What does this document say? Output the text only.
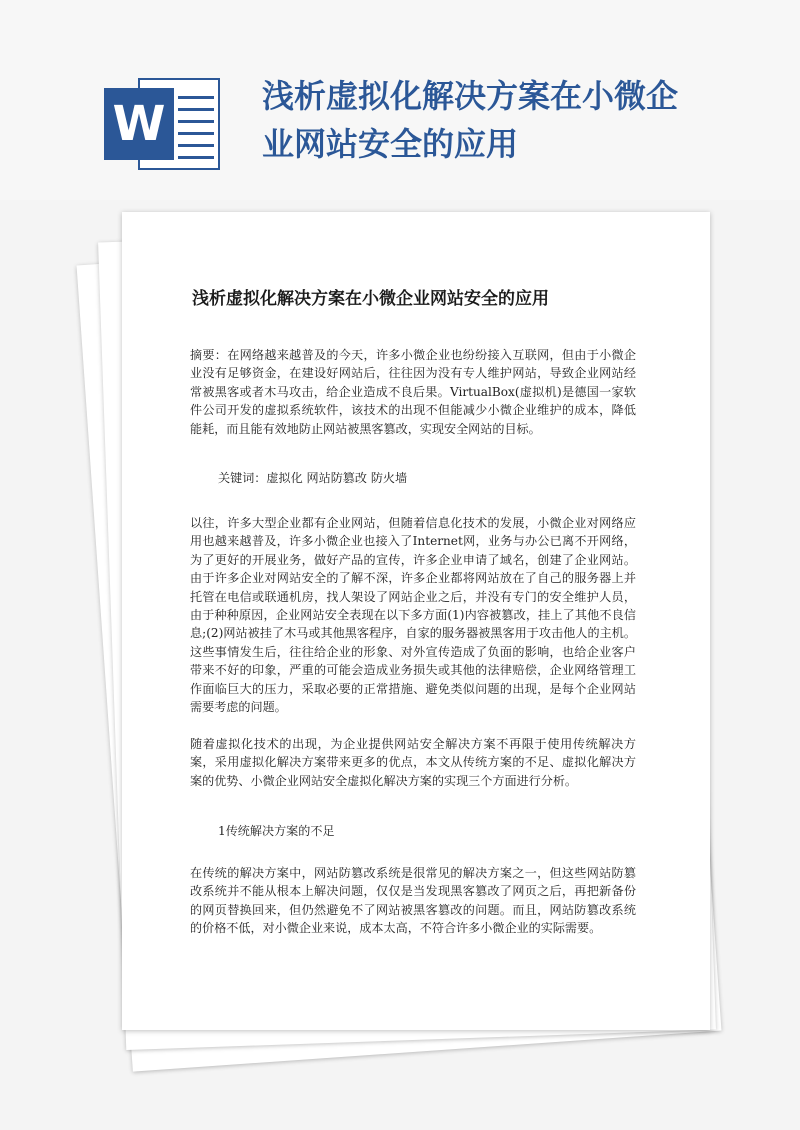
W	浅析虚拟化解决方案在小微企业网站安全的应用
浅析虚拟化解决方案在小微企业网站安全的应用

摘要：在网络越来越普及的今天，许多小微企业也纷纷接入互联网，但由于小微企业没有足够资金，在建设好网站后，往往因为没有专人维护网站，导致企业网站经常被黑客或者木马攻击，给企业造成不良后果。VirtualBox(虚拟机)是德国一家软件公司开发的虚拟系统软件，该技术的出现不但能减少小微企业维护的成本，降低能耗，而且能有效地防止网站被黑客篡改，实现安全网站的目标。

关键词：虚拟化 网站防篡改 防火墙

以往，许多大型企业都有企业网站，但随着信息化技术的发展，小微企业对网络应用也越来越普及，许多小微企业也接入了Internet网，业务与办公已离不开网络，为了更好的开展业务，做好产品的宣传，许多企业申请了域名，创建了企业网站。由于许多企业对网站安全的了解不深，许多企业都将网站放在了自己的服务器上并托管在电信或联通机房，找人架设了网站企业之后，并没有专门的安全维护人员，由于种种原因，企业网站安全表现在以下多方面(1)内容被篡改，挂上了其他不良信息;(2)网站被挂了木马或其他黑客程序，自家的服务器被黑客用于攻击他人的主机。这些事情发生后，往往给企业的形象、对外宣传造成了负面的影响，也给企业客户带来不好的印象，严重的可能会造成业务损失或其他的法律赔偿，企业网络管理工作面临巨大的压力，采取必要的正常措施、避免类似问题的出现，是每个企业网站需要考虑的问题。

随着虚拟化技术的出现，为企业提供网站安全解决方案不再限于使用传统解决方案，采用虚拟化解决方案带来更多的优点，本文从传统方案的不足、虚拟化解决方案的优势、小微企业网站安全虚拟化解决方案的实现三个方面进行分析。

1传统解决方案的不足

在传统的解决方案中，网站防篡改系统是很常见的解决方案之一，但这些网站防篡改系统并不能从根本上解决问题，仅仅是当发现黑客篡改了网页之后，再把新备份的网页替换回来，但仍然避免不了网站被黑客篡改的问题。而且，网站防篡改系统的价格不低，对小微企业来说，成本太高，不符合许多小微企业的实际需要。
